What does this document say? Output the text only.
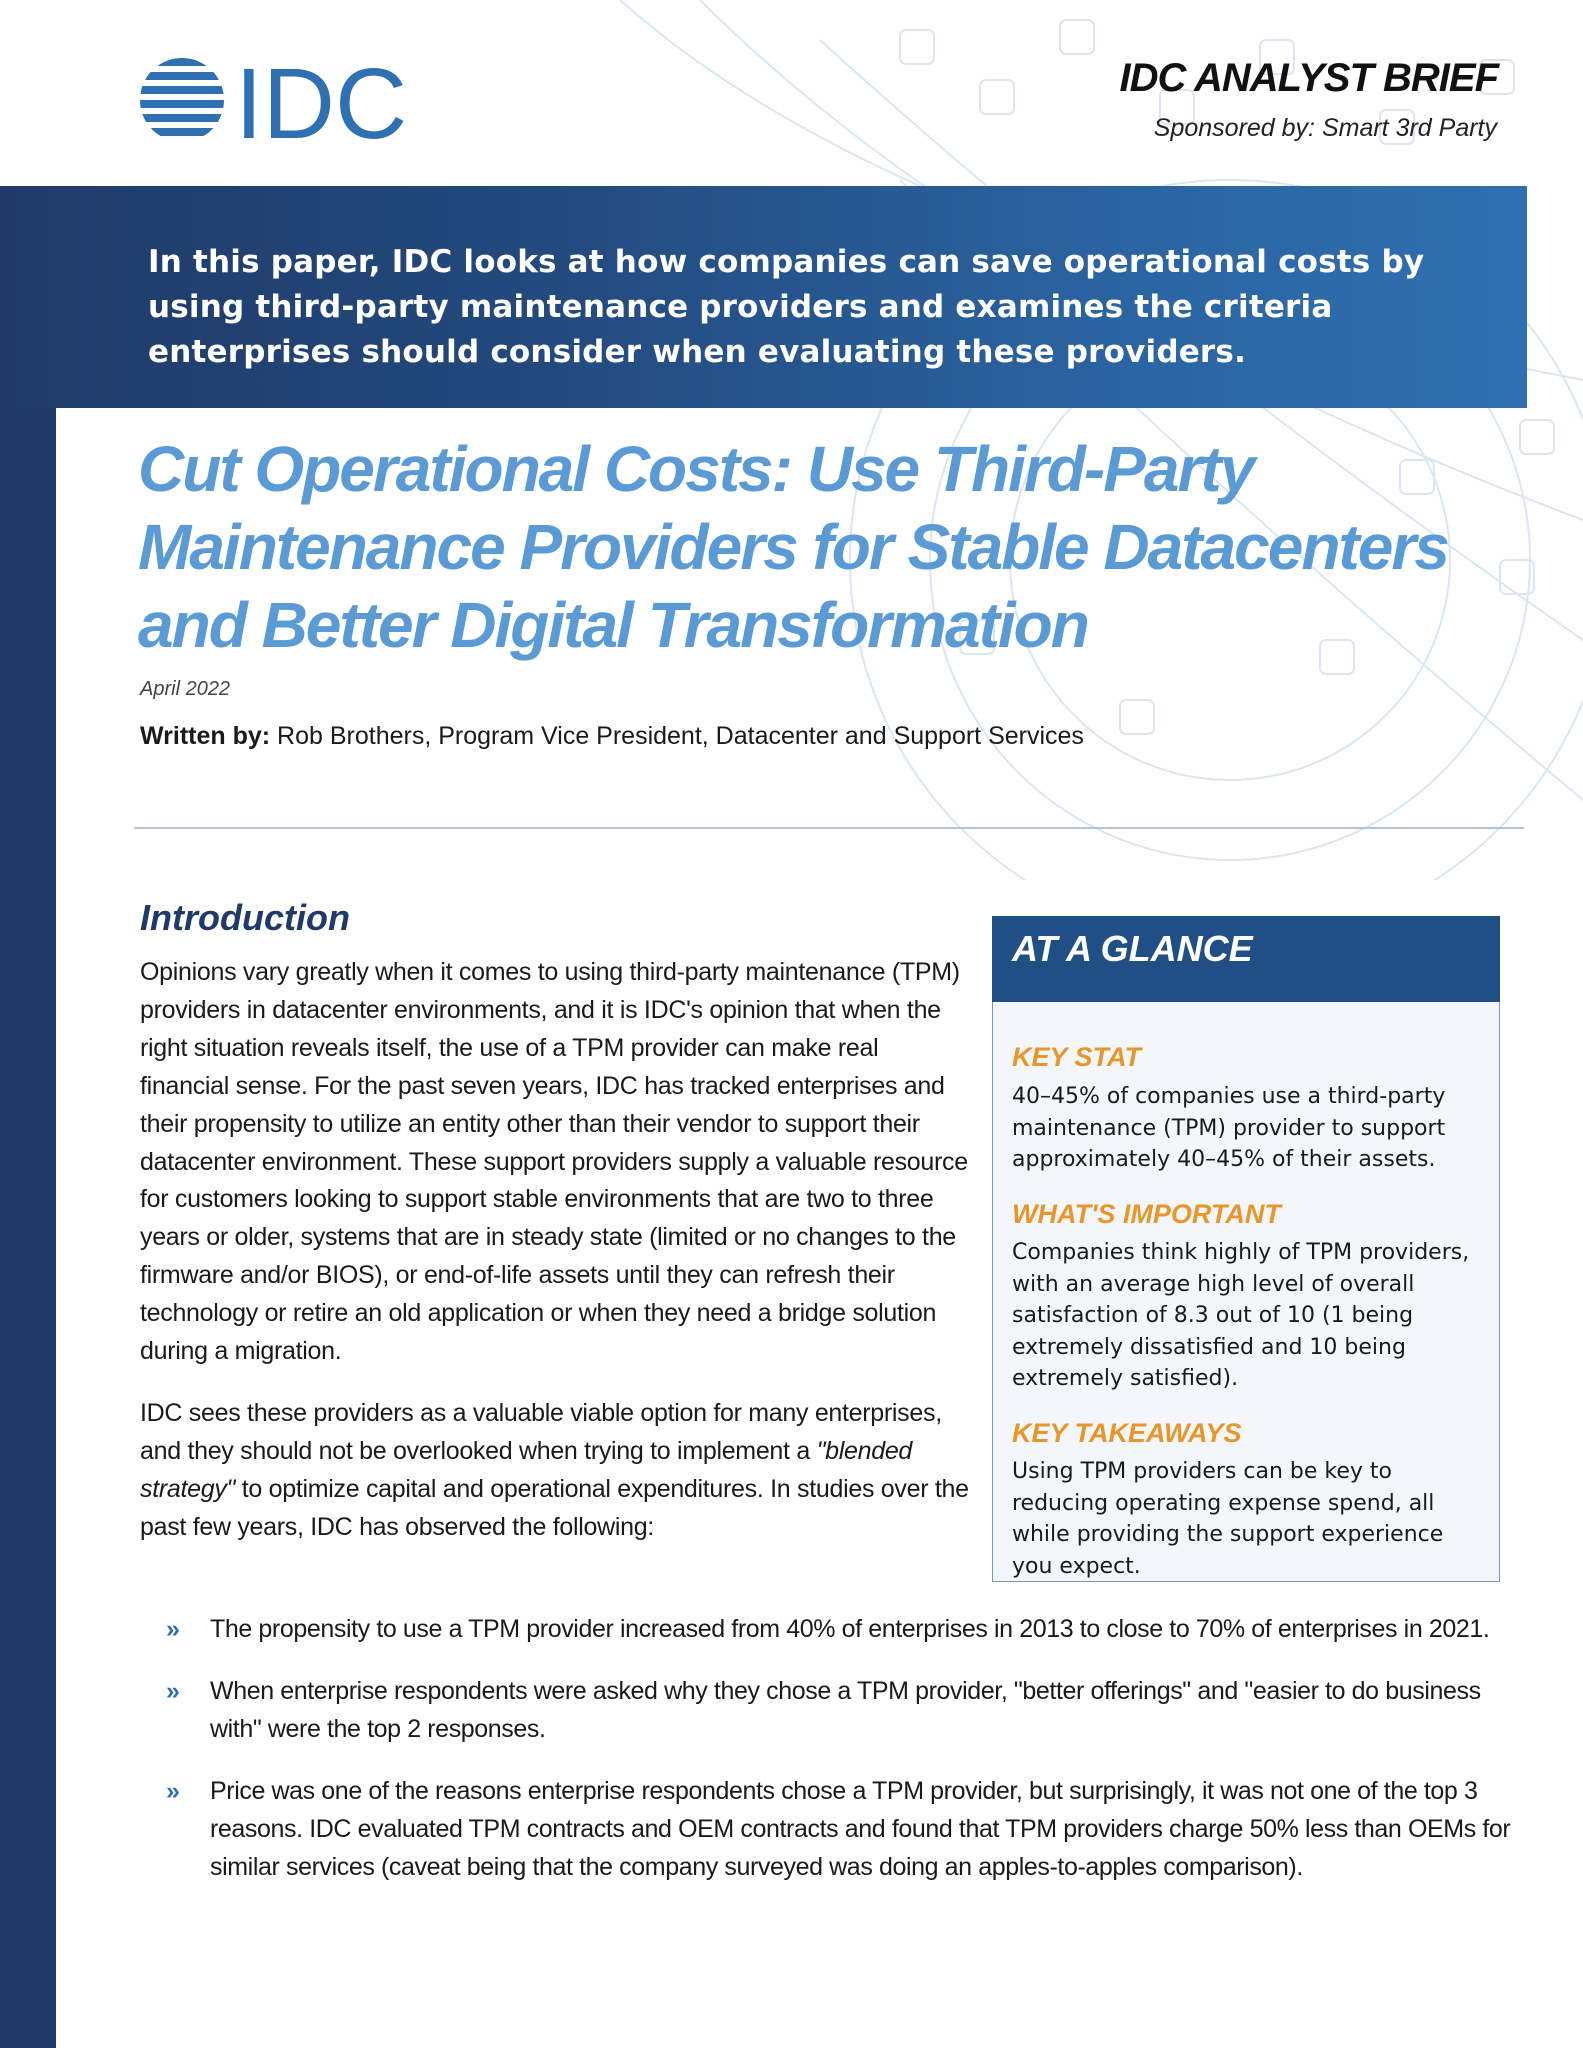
In this paper, IDC looks at how companies can save operational costs by using third-party maintenance providers and examines the criteria enterprises should consider when evaluating these providers.
IDC	IDC ANALYST BRIEF
Sponsored by: Smart 3rd Party
Cut Operational Costs: Use Third-Party
Maintenance Providers for Stable Datacenters
and Better Digital Transformation
April 2022
Written by: Rob Brothers, Program Vice President, Datacenter and Support Services
Introduction
Opinions vary greatly when it comes to using third-party maintenance (TPM) providers in datacenter environments, and it is IDC's opinion that when the right situation reveals itself, the use of a TPM provider can make real financial sense. For the past seven years, IDC has tracked enterprises and their propensity to utilize an entity other than their vendor to support their datacenter environment. These support providers supply a valuable resource for customers looking to support stable environments that are two to three years or older, systems that are in steady state (limited or no changes to the firmware and/or BIOS), or end-of-life assets until they can refresh their technology or retire an old application or when they need a bridge solution during a migration.
IDC sees these providers as a valuable viable option for many enterprises, and they should not be overlooked when trying to implement a "blended strategy" to optimize capital and operational expenditures. In studies over the past few years, IDC has observed the following:
AT A GLANCE
KEY STAT
40–45% of companies use a third-party maintenance (TPM) provider to support approximately 40–45% of their assets.
WHAT'S IMPORTANT
Companies think highly of TPM providers, with an average high level of overall satisfaction of 8.3 out of 10 (1 being extremely dissatisfied and 10 being extremely satisfied).
KEY TAKEAWAYS
Using TPM providers can be key to reducing operating expense spend, all while providing the support experience you expect.
» The propensity to use a TPM provider increased from 40% of enterprises in 2013 to close to 70% of enterprises in 2021.
» When enterprise respondents were asked why they chose a TPM provider, "better offerings" and "easier to do business with" were the top 2 responses.
» Price was one of the reasons enterprise respondents chose a TPM provider, but surprisingly, it was not one of the top 3 reasons. IDC evaluated TPM contracts and OEM contracts and found that TPM providers charge 50% less than OEMs for similar services (caveat being that the company surveyed was doing an apples-to-apples comparison).
